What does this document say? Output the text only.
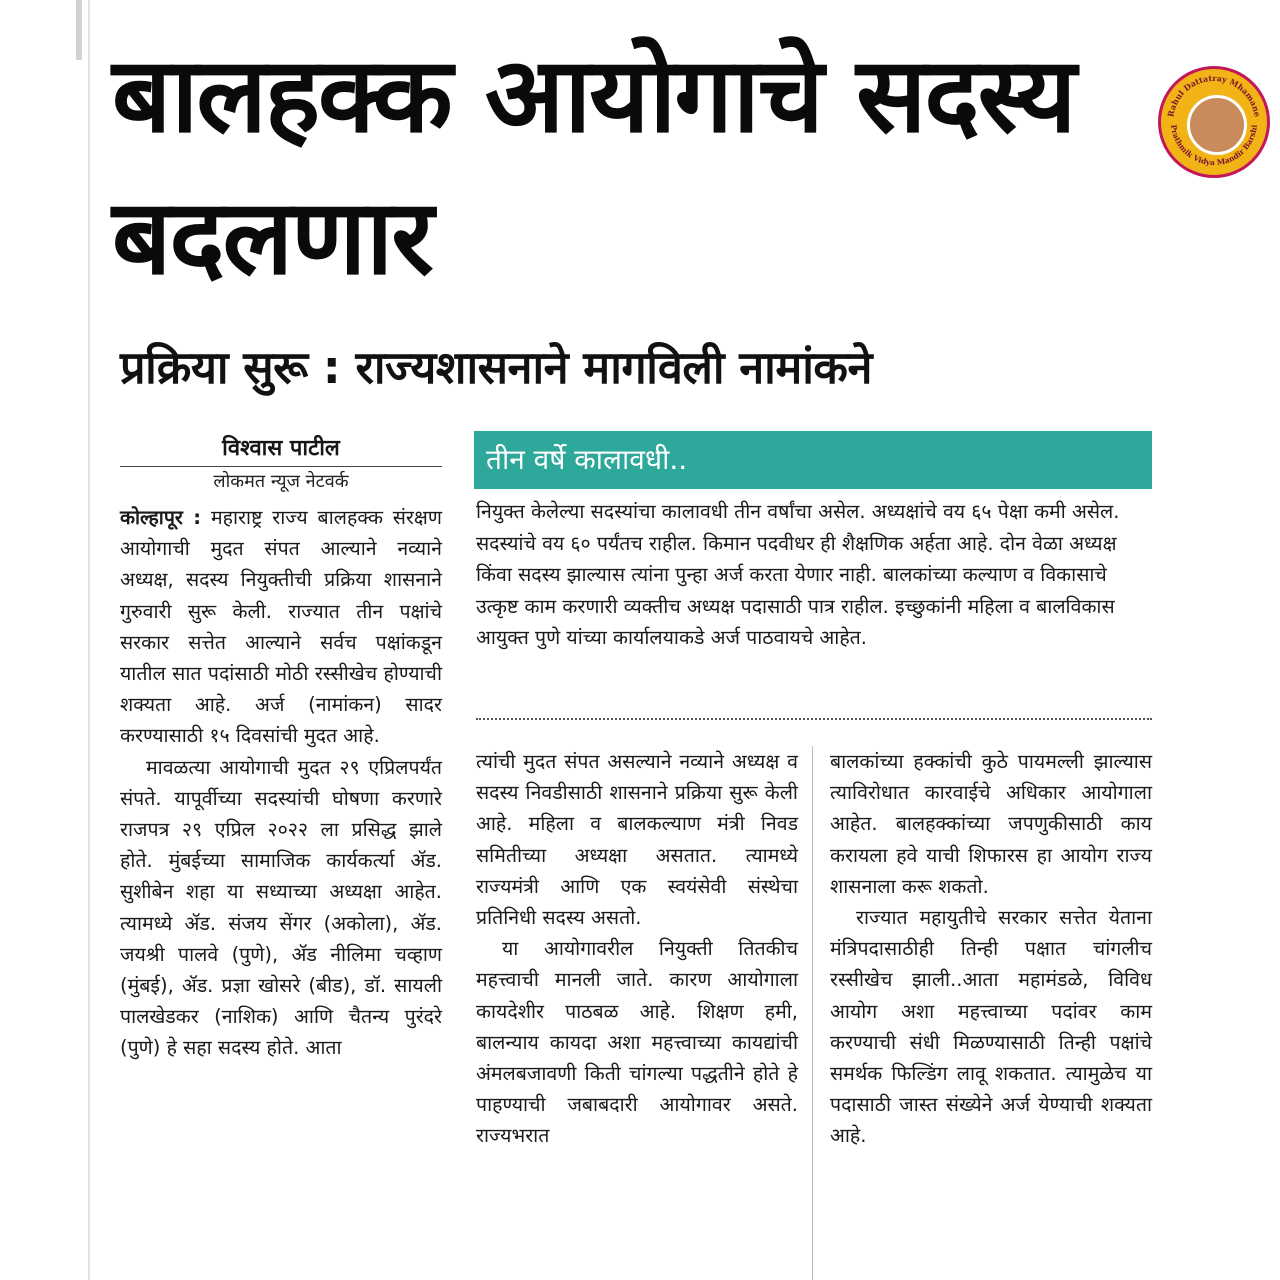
बालहक्क आयोगाचे सदस्य बदलणार
प्रक्रिया सुरू : राज्यशासनाने मागविली नामांकने
Rahul Dattatray Mhamane
Prathmik Vidya Mandir Barshi
विश्वास पाटील
लोकमत न्यूज नेटवर्क

कोल्हापूर : महाराष्ट्र राज्य बालहक्क संरक्षण आयोगाची मुदत संपत आल्याने नव्याने अध्यक्ष, सदस्य नियुक्तीची प्रक्रिया शासनाने गुरुवारी सुरू केली. राज्यात तीन पक्षांचे सरकार सत्तेत आल्याने सर्वच पक्षांकडून यातील सात पदांसाठी मोठी रस्सीखेच होण्याची शक्यता आहे. अर्ज (नामांकन) सादर करण्यासाठी १५ दिवसांची मुदत आहे.

मावळत्या आयोगाची मुदत २९ एप्रिलपर्यंत संपते. यापूर्वीच्या सदस्यांची घोषणा करणारे राजपत्र २९ एप्रिल २०२२ ला प्रसिद्ध झाले होते. मुंबईच्या सामाजिक कार्यकर्त्या ॲड. सुशीबेन शहा या सध्याच्या अध्यक्षा आहेत. त्यामध्ये ॲड. संजय सेंगर (अकोला), ॲड. जयश्री पालवे (पुणे), ॲड नीलिमा चव्हाण (मुंबई), ॲड. प्रज्ञा खोसरे (बीड), डॉ. सायली पालखेडकर (नाशिक) आणि चैतन्य पुरंदरे (पुणे) हे सहा सदस्य होते. आता

तीन वर्षे कालावधी..
नियुक्त केलेल्या सदस्यांचा कालावधी तीन वर्षांचा असेल. अध्यक्षांचे वय ६५ पेक्षा कमी असेल. सदस्यांचे वय ६० पर्यंतच राहील. किमान पदवीधर ही शैक्षणिक अर्हता आहे. दोन वेळा अध्यक्ष किंवा सदस्य झाल्यास त्यांना पुन्हा अर्ज करता येणार नाही. बालकांच्या कल्याण व विकासाचे उत्कृष्ट काम करणारी व्यक्तीच अध्यक्ष पदासाठी पात्र राहील. इच्छुकांनी महिला व बालविकास आयुक्त पुणे यांच्या कार्यालयाकडे अर्ज पाठवायचे आहेत.

त्यांची मुदत संपत असल्याने नव्याने अध्यक्ष व सदस्य निवडीसाठी शासनाने प्रक्रिया सुरू केली आहे. महिला व बालकल्याण मंत्री निवड समितीच्या अध्यक्षा असतात. त्यामध्ये राज्यमंत्री आणि एक स्वयंसेवी संस्थेचा प्रतिनिधी सदस्य असतो.

या आयोगावरील नियुक्ती तितकीच महत्त्वाची मानली जाते. कारण आयोगाला कायदेशीर पाठबळ आहे. शिक्षण हमी, बालन्याय कायदा अशा महत्त्वाच्या कायद्यांची अंमलबजावणी किती चांगल्या पद्धतीने होते हे पाहण्याची जबाबदारी आयोगावर असते. राज्यभरात

बालकांच्या हक्कांची कुठे पायमल्ली झाल्यास त्याविरोधात कारवाईचे अधिकार आयोगाला आहेत. बालहक्कांच्या जपणुकीसाठी काय करायला हवे याची शिफारस हा आयोग राज्य शासनाला करू शकतो.

राज्यात महायुतीचे सरकार सत्तेत येताना मंत्रिपदासाठीही तिन्ही पक्षात चांगलीच रस्सीखेच झाली..आता महामंडळे, विविध आयोग अशा महत्त्वाच्या पदांवर काम करण्याची संधी मिळण्यासाठी तिन्ही पक्षांचे समर्थक फिल्डिंग लावू शकतात. त्यामुळेच या पदासाठी जास्त संख्येने अर्ज येण्याची शक्यता आहे.
